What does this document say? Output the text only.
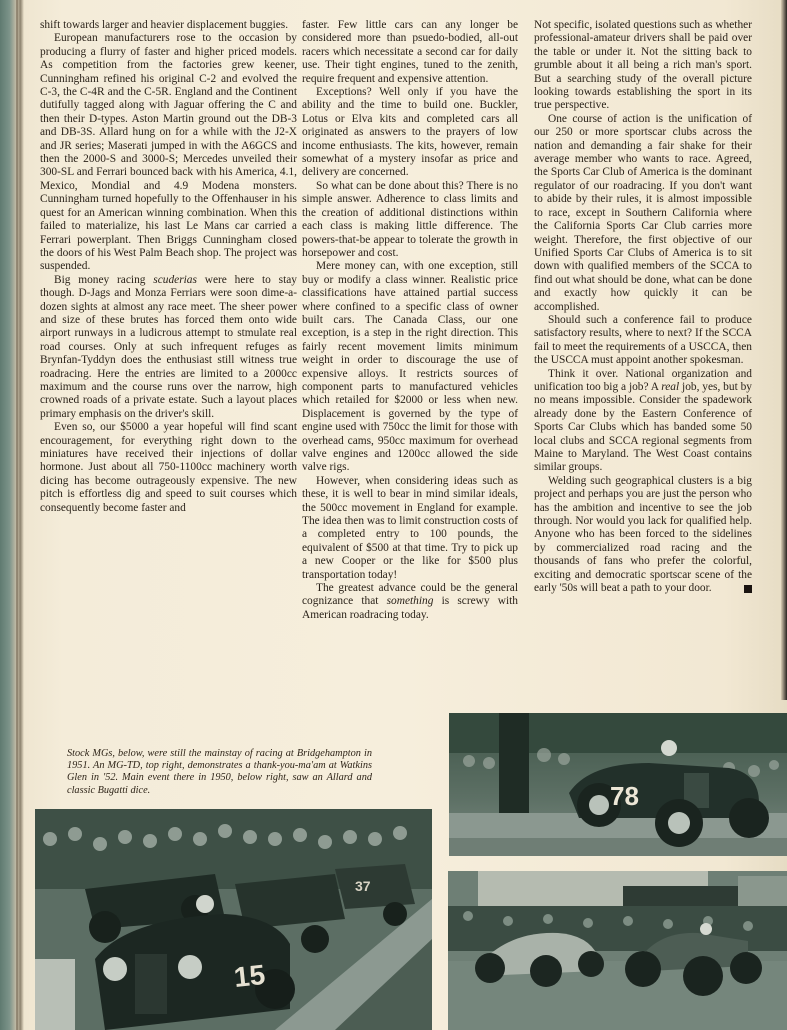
shift towards larger and heavier displacement buggies.

European manufacturers rose to the occasion by producing a flurry of faster and higher priced models. As competition from the factories grew keener, Cunningham refined his original C-2 and evolved the C-3, the C-4R and the C-5R. England and the Continent dutifully tagged along with Jaguar offering the C and then their D-types. Aston Martin ground out the DB-3 and DB-3S. Allard hung on for a while with the J2-X and JR series; Maserati jumped in with the A6GCS and then the 2000-S and 3000-S; Mercedes unveiled their 300-SL and Ferrari bounced back with his America, 4.1, Mexico, Mondial and 4.9 Modena monsters. Cunningham turned hopefully to the Offenhauser in his quest for an American winning combination. When this failed to materialize, his last Le Mans car carried a Ferrari powerplant. Then Briggs Cunningham closed the doors of his West Palm Beach shop. The project was suspended.

Big money racing scuderias were here to stay though. D-Jags and Monza Ferriars were soon dime-a-dozen sights at almost any race meet. The sheer power and size of these brutes has forced them onto wide airport runways in a ludicrous attempt to stmulate real road courses. Only at such infrequent refuges as Brynfan-Tyddyn does the enthusiast still witness true roadracing. Here the entries are limited to a 2000cc maximum and the course runs over the narrow, high crowned roads of a private estate. Such a layout places primary emphasis on the driver's skill.

Even so, our $5000 a year hopeful will find scant encouragement, for everything right down to the miniatures have received their injections of dollar hormone. Just about all 750-1100cc machinery worth dicing has become outrageously expensive. The new pitch is effortless dig and speed to suit courses which consequently become faster and

faster. Few little cars can any longer be considered more than psuedo-bodied, all-out racers which necessitate a second car for daily use. Their tight engines, tuned to the zenith, require frequent and expensive attention.

Exceptions? Well only if you have the ability and the time to build one. Buckler, Lotus or Elva kits and completed cars all originated as answers to the prayers of low income enthusiasts. The kits, however, remain somewhat of a mystery insofar as price and delivery are concerned.

So what can be done about this? There is no simple answer. Adherence to class limits and the creation of additional distinctions within each class is making little difference. The powers-that-be appear to tolerate the growth in horsepower and cost.

Mere money can, with one exception, still buy or modify a class winner. Realistic price classifications have attained partial success where confined to a specific class of owner built cars. The Canada Class, our one exception, is a step in the right direction. This fairly recent movement limits minimum weight in order to discourage the use of expensive alloys. It restricts sources of component parts to manufactured vehicles which retailed for $2000 or less when new. Displacement is governed by the type of engine used with 750cc the limit for those with overhead cams, 950cc maximum for overhead valve engines and 1200cc allowed the side valve rigs.

However, when considering ideas such as these, it is well to bear in mind similar ideals, the 500cc movement in England for example. The idea then was to limit construction costs of a completed entry to 100 pounds, the equivalent of $500 at that time. Try to pick up a new Cooper or the like for $500 plus transportation today!

The greatest advance could be the general cognizance that something is screwy with American roadracing today.

Not specific, isolated questions such as whether professional-amateur drivers shall be paid over the table or under it. Not the sitting back to grumble about it all being a rich man's sport. But a searching study of the overall picture looking towards establishing the sport in its true perspective.

One course of action is the unification of our 250 or more sportscar clubs across the nation and demanding a fair shake for their average member who wants to race. Agreed, the Sports Car Club of America is the dominant regulator of our roadracing. If you don't want to abide by their rules, it is almost impossible to race, except in Southern California where the California Sports Car Club carries more weight. Therefore, the first objective of our Unified Sports Car Clubs of America is to sit down with qualified members of the SCCA to find out what should be done, what can be done and exactly how quickly it can be accomplished.

Should such a conference fail to produce satisfactory results, where to next? If the SCCA fail to meet the requirements of a USCCA, then the USCCA must appoint another spokesman.

Think it over. National organization and unification too big a job? A real job, yes, but by no means impossible. Consider the spadework already done by the Eastern Conference of Sports Car Clubs which has banded some 50 local clubs and SCCA regional segments from Maine to Maryland. The West Coast contains similar groups.

Welding such geographical clusters is a big project and perhaps you are just the person who has the ambition and incentive to see the job through. Nor would you lack for qualified help. Anyone who has been forced to the sidelines by commercialized road racing and the thousands of fans who prefer the colorful, exciting and democratic sportscar scene of the early '50s will beat a path to your door.

Stock MGs, below, were still the mainstay of racing at Bridgehampton in 1951. An MG-TD, top right, demonstrates a thank-you-ma'am at Watkins Glen in '52. Main event there in 1950, below right, saw an Allard and classic Bugatti dice.	78
15
37
